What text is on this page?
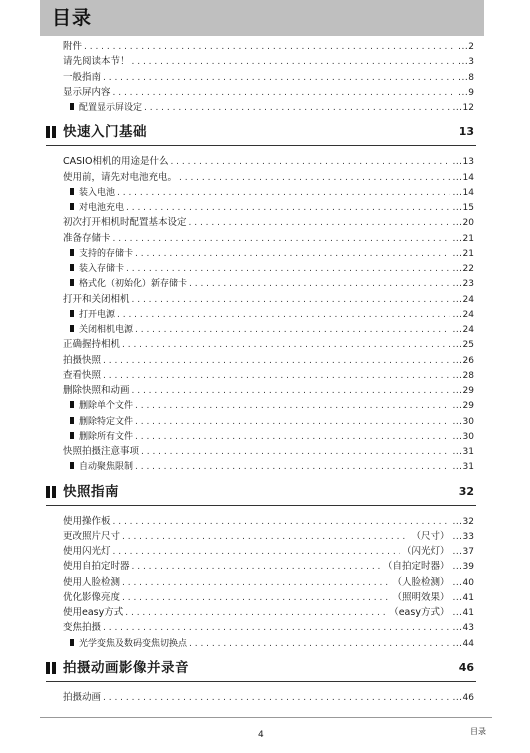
目录
附件 . . .	... 2
请先阅读本节！ . . .	... 3
一般指南 . . .	... 8
显示屏内容 . . .	... 9
配置显示屏设定 . . .	... 12
快速入门基础	13
CASIO相机的用途是什么 . . .	... 13
使用前，请先对电池充电。 . . .	... 14
装入电池 . . .	... 14
对电池充电 . . .	... 15
初次打开相机时配置基本设定 . . .	... 20
准备存储卡 . . .	... 21
支持的存储卡 . . .	... 21
装入存储卡 . . .	... 22
格式化（初始化）新存储卡 . . .	... 23
打开和关闭相机 . . .	... 24
打开电源 . . .	... 24
关闭相机电源 . . .	... 24
正确握持相机 . . .	... 25
拍摄快照 . . .	... 26
查看快照 . . .	... 28
删除快照和动画 . . .	... 29
删除单个文件 . . .	... 29
删除特定文件 . . .	... 30
删除所有文件 . . .	... 30
快照拍摄注意事项 . . .	... 31
自动聚焦限制 . . .	... 31
快照指南	32
使用操作板 . . .	... 32
更改照片尺寸 . . .	（尺寸）	... 33
使用闪光灯 . . .	（闪光灯）	... 37
使用自拍定时器 . . .	（自拍定时器）	... 39
使用人脸检测 . . .	（人脸检测）	... 40
优化影像亮度 . . .	（照明效果）	... 41
使用easy方式 . . .	（easy方式）	... 41
变焦拍摄 . . .	... 43
光学变焦及数码变焦切换点 . . .	... 44
拍摄动画影像并录音	46
拍摄动画 . . .	... 46
4	目录
